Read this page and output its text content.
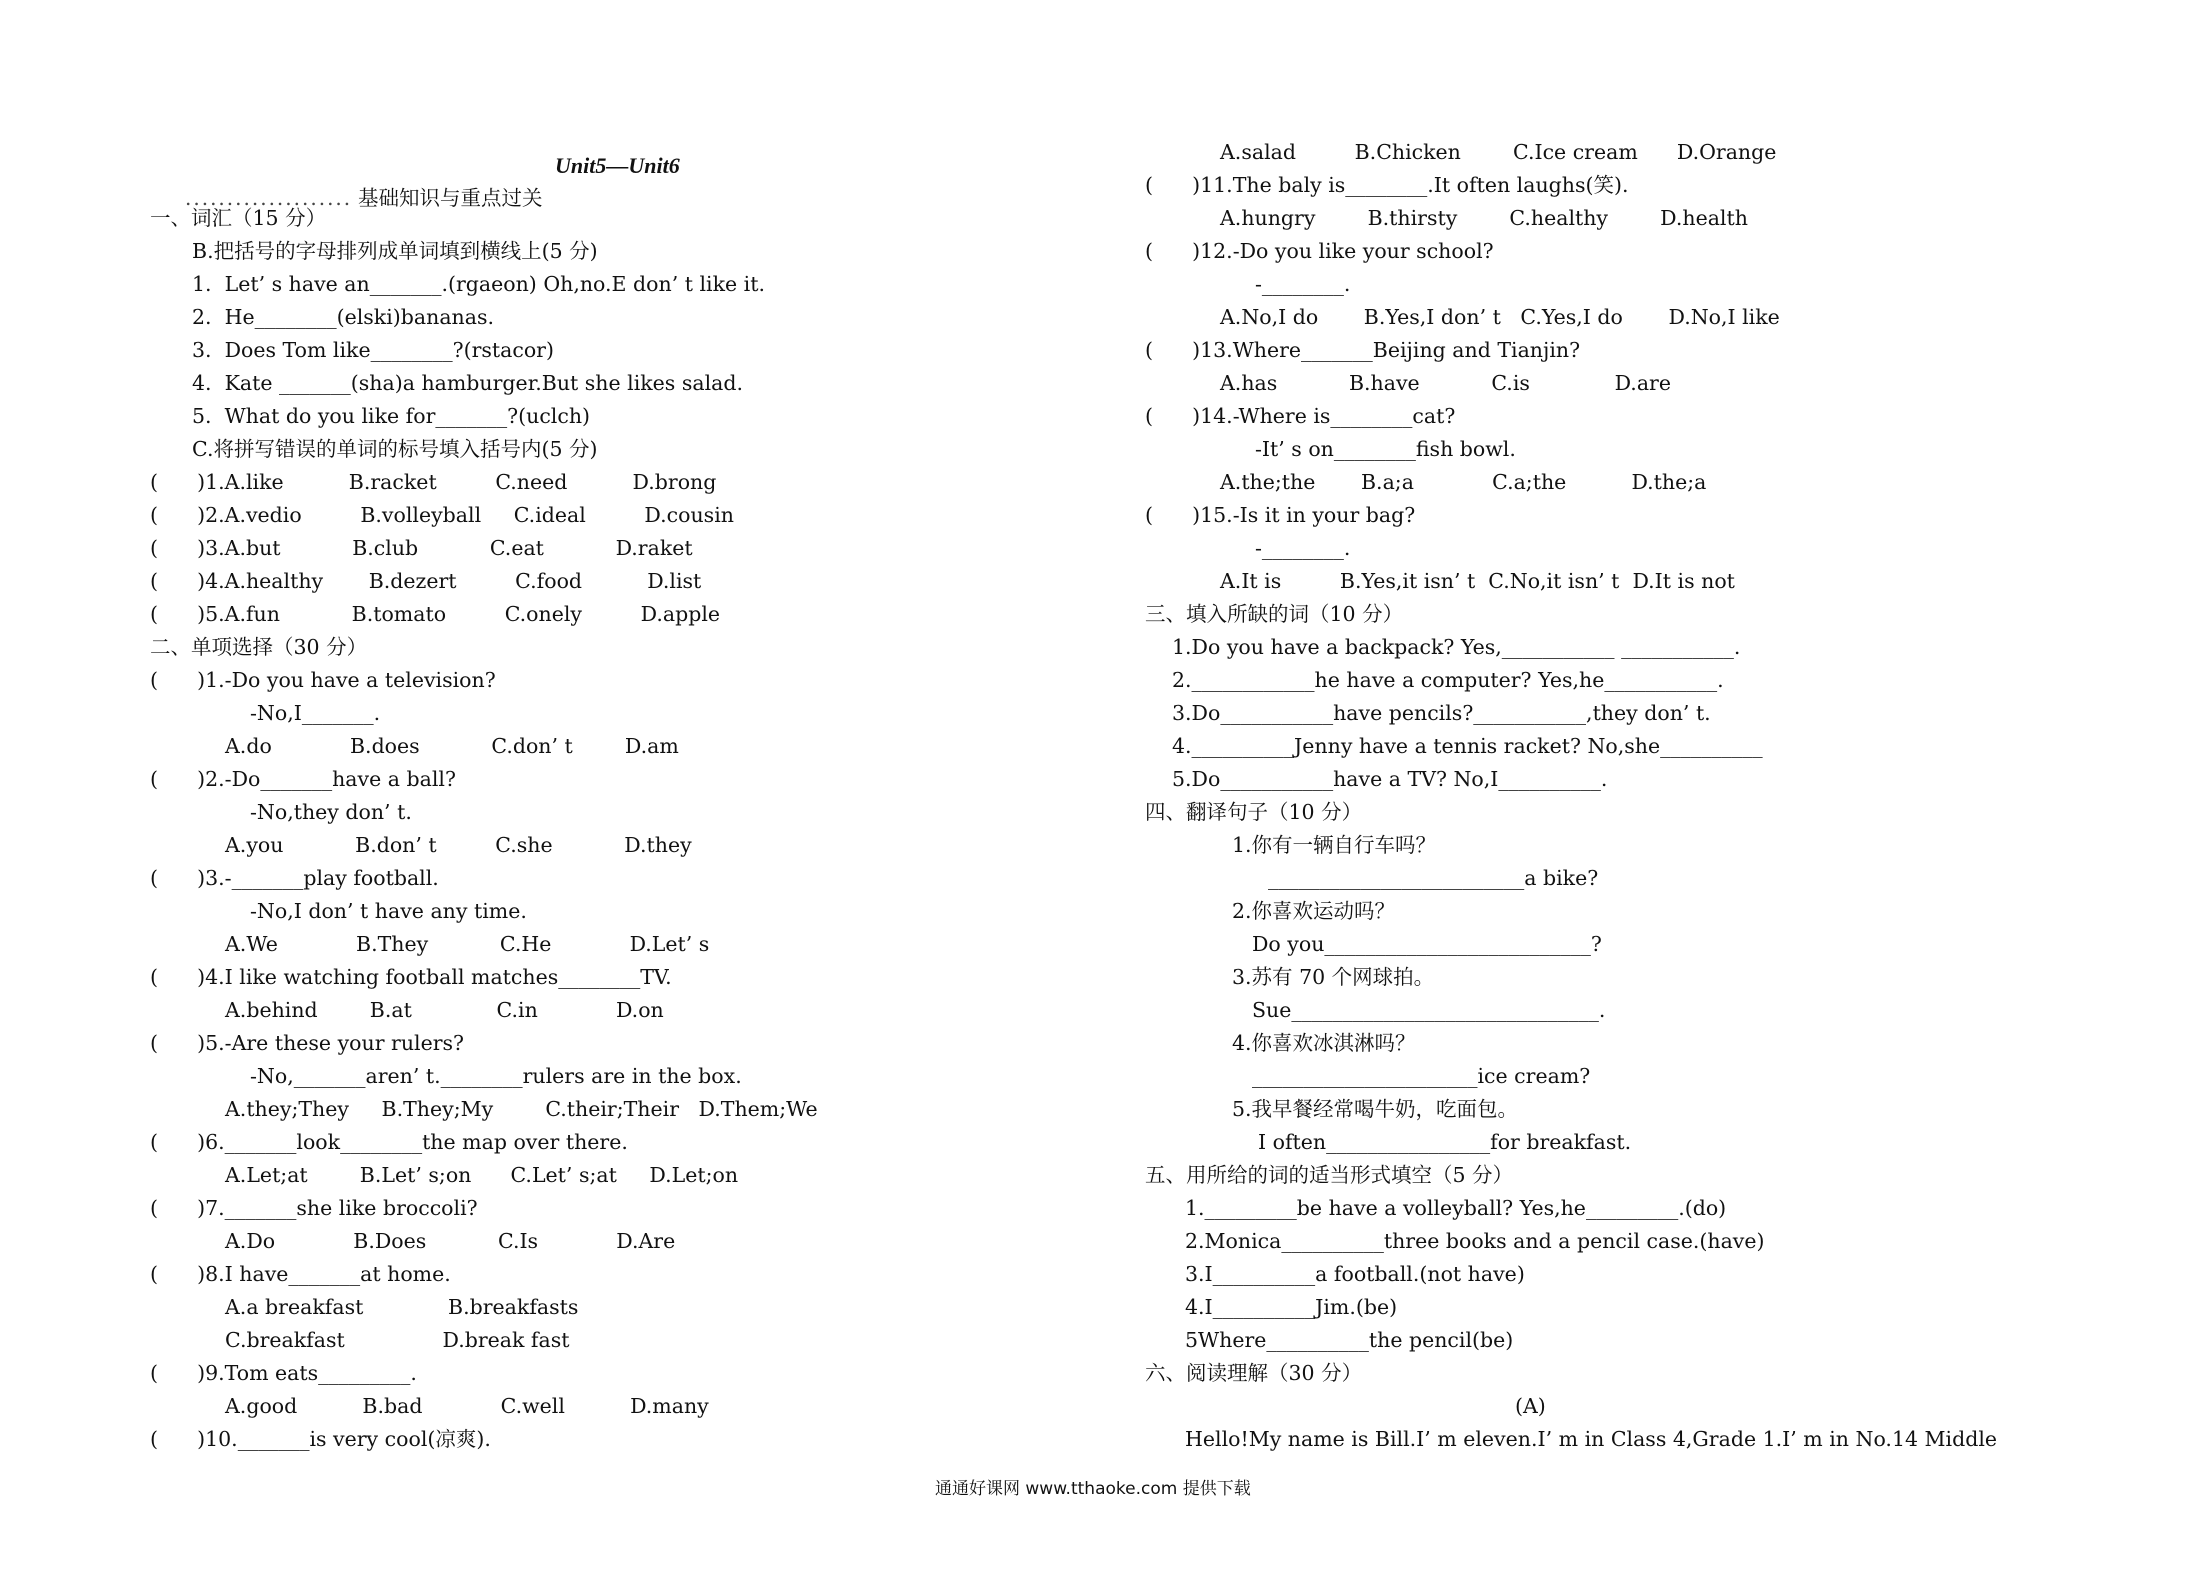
Unit5—Unit6
.................... 基础知识与重点过关
一、词汇（15 分）
B.把括号的字母排列成单词填到横线上(5 分)
1.  Let’ s have an_______.(rgaeon) Oh,no.E don’ t like it.
2.  He________(elski)bananas.
3.  Does Tom like________?(rstacor)
4.  Kate _______(sha)a hamburger.But she likes salad.
5.  What do you like for_______?(uclch)
C.将拼写错误的单词的标号填入括号内(5 分)
(      )1.A.like          B.racket         C.need          D.brong
(      )2.A.vedio         B.volleyball     C.ideal         D.cousin
(      )3.A.but           B.club           C.eat           D.raket
(      )4.A.healthy       B.dezert         C.food          D.list
(      )5.A.fun           B.tomato         C.onely         D.apple
二、单项选择（30 分）
(      )1.-Do you have a television?
-No,I_______.
A.do            B.does           C.don’ t        D.am
(      )2.-Do_______have a ball?
-No,they don’ t.
A.you           B.don’ t         C.she           D.they
(      )3.-_______play football.
-No,I don’ t have any time.
A.We            B.They           C.He            D.Let’ s
(      )4.I like watching football matches________TV.
A.behind        B.at             C.in            D.on
(      )5.-Are these your rulers?
-No,_______aren’ t.________rulers are in the box.
A.they;They     B.They;My        C.their;Their   D.Them;We
(      )6._______look________the map over there.
A.Let;at        B.Let’ s;on      C.Let’ s;at     D.Let;on
(      )7._______she like broccoli?
A.Do            B.Does           C.Is            D.Are
(      )8.I have_______at home.
A.a breakfast             B.breakfasts
C.breakfast               D.break fast
(      )9.Tom eats_________.
A.good          B.bad            C.well          D.many
(      )10._______is very cool(凉爽).
A.salad         B.Chicken        C.Ice cream      D.Orange
(      )11.The baly is________.It often laughs(笑).
A.hungry        B.thirsty        C.healthy        D.health
(      )12.-Do you like your school?
-________.
A.No,I do       B.Yes,I don’ t   C.Yes,I do       D.No,I like
(      )13.Where_______Beijing and Tianjin?
A.has           B.have           C.is             D.are
(      )14.-Where is________cat?
-It’ s on________fish bowl.
A.the;the       B.a;a            C.a;the          D.the;a
(      )15.-Is it in your bag?
-________.
A.It is         B.Yes,it isn’ t  C.No,it isn’ t  D.It is not
三、填入所缺的词（10 分）
1.Do you have a backpack? Yes,___________ ___________.
2.____________he have a computer? Yes,he___________.
3.Do___________have pencils?___________,they don’ t.
4.__________Jenny have a tennis racket? No,she__________
5.Do___________have a TV? No,I__________.
四、翻译句子（10 分）
1.你有一辆自行车吗？
_________________________a bike?
2.你喜欢运动吗？
Do you__________________________?
3.苏有 70 个网球拍。
Sue______________________________.
4.你喜欢冰淇淋吗？
______________________ice cream?
5.我早餐经常喝牛奶，吃面包。
I often________________for breakfast.
五、用所给的词的适当形式填空（5 分）
1._________be have a volleyball? Yes,he_________.(do)
2.Monica__________three books and a pencil case.(have)
3.I__________a football.(not have)
4.I__________Jim.(be)
5Where__________the pencil(be)
六、阅读理解（30 分）
(A)
Hello!My name is Bill.I’ m eleven.I’ m in Class 4,Grade 1.I’ m in No.14 Middle
通通好课网 www.tthaoke.com 提供下载
